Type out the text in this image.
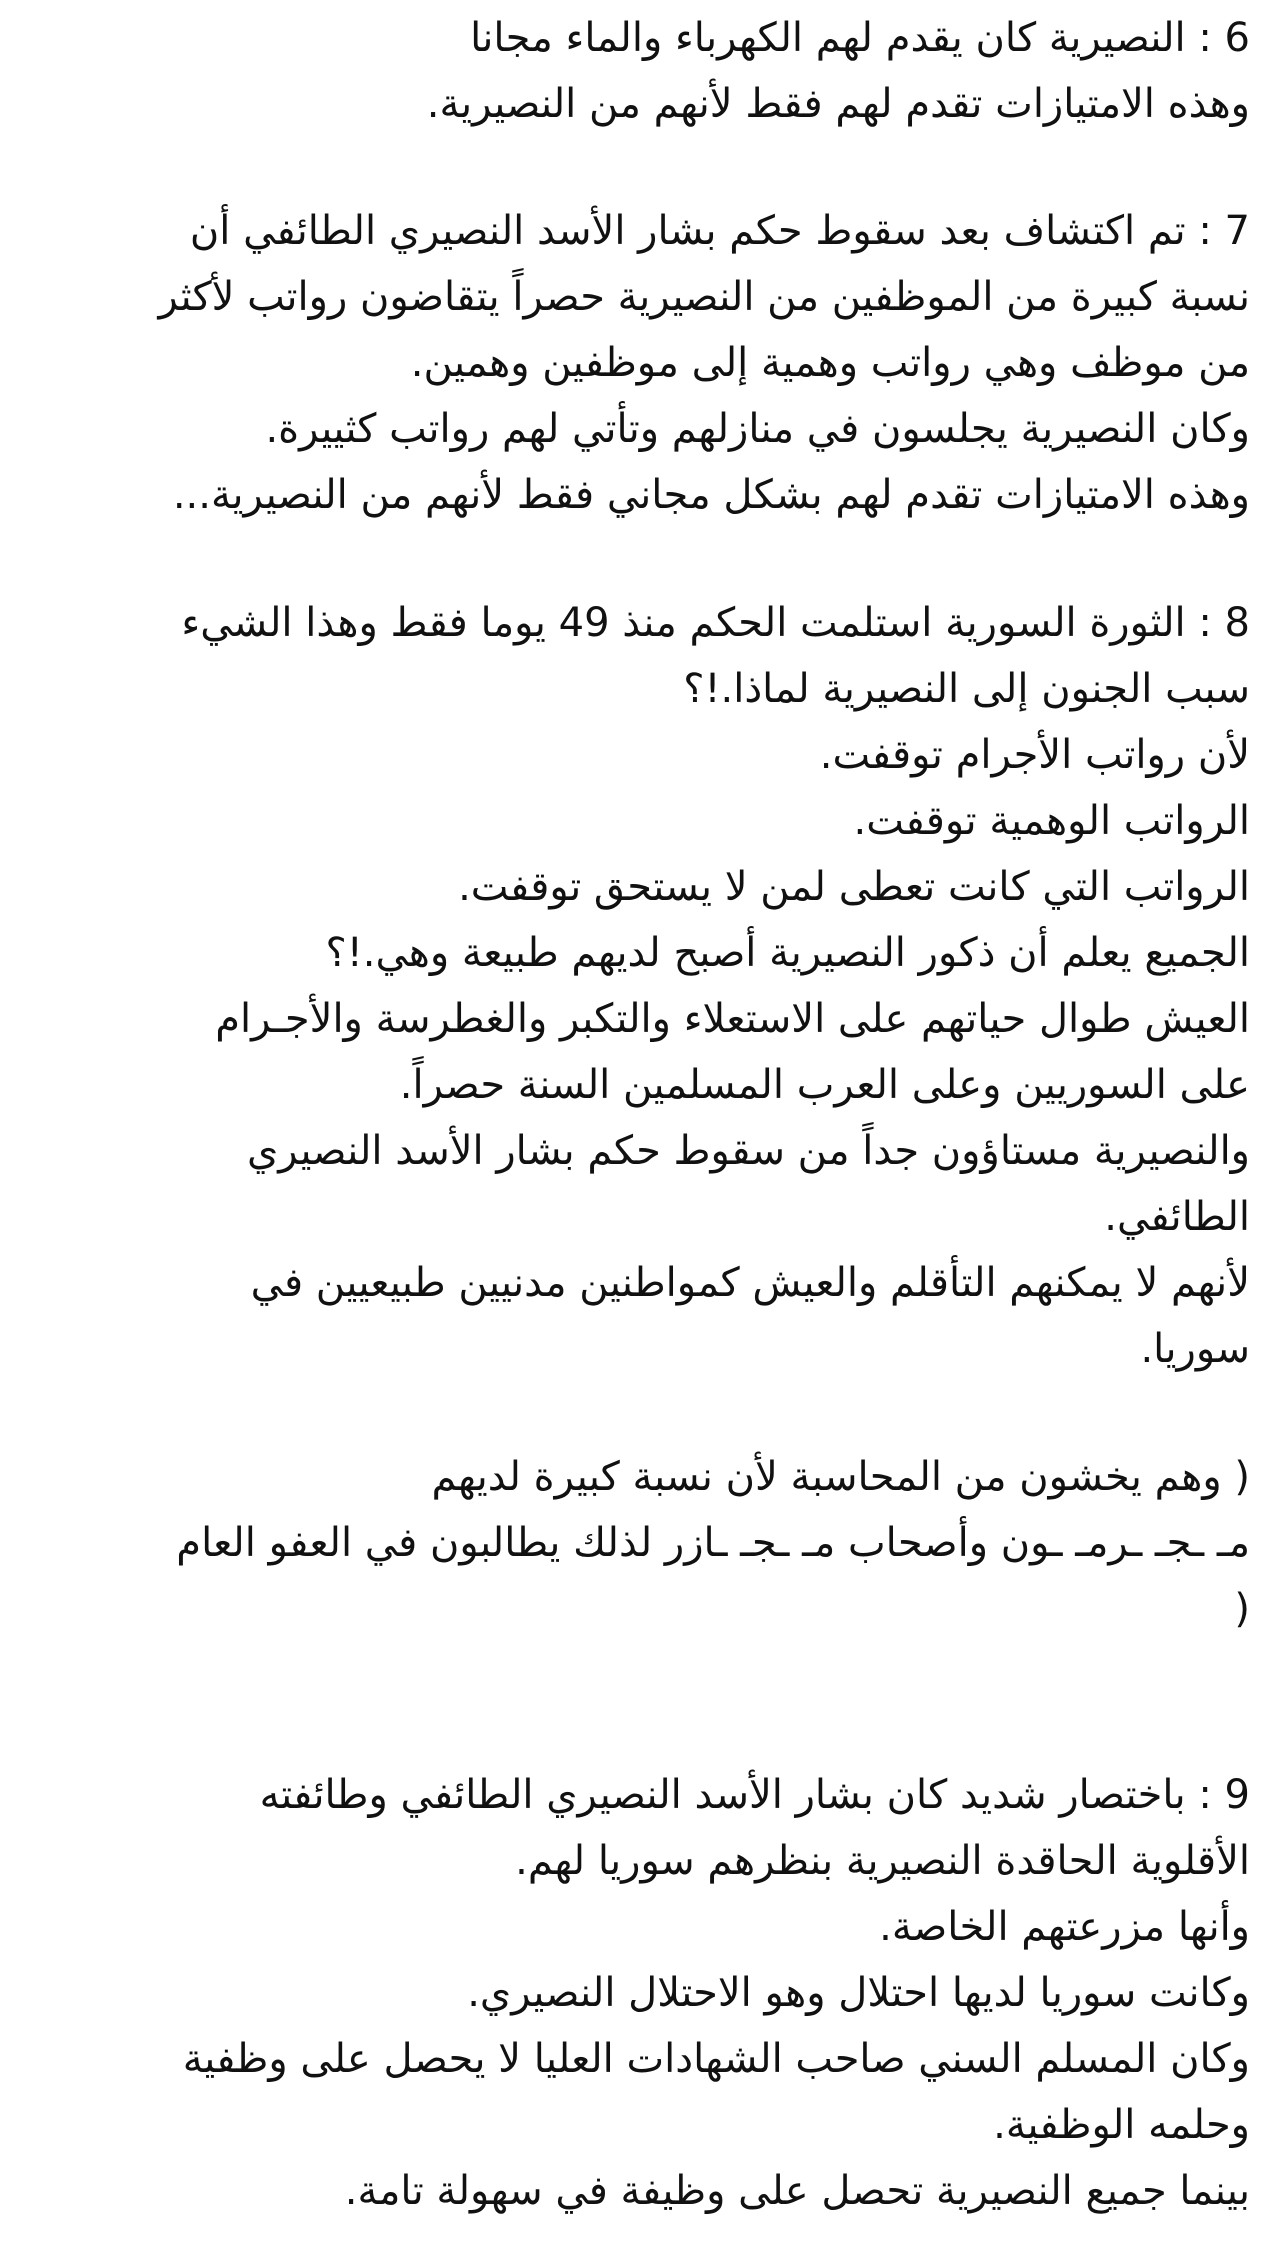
6 : النصيرية كان يقدم لهم الكهرباء والماء مجانا
وهذه الامتيازات تقدم لهم فقط لأنهم من النصيرية.
7 : تم اكتشاف بعد سقوط حكم بشار الأسد النصيري الطائفي أن
نسبة كبيرة من الموظفين من النصيرية حصراً يتقاضون رواتب لأكثر
من موظف وهي رواتب وهمية إلى موظفين وهمين.
وكان النصيرية يجلسون في منازلهم وتأتي لهم رواتب كثييرة.
وهذه الامتيازات تقدم لهم بشكل مجاني فقط لأنهم من النصيرية...
8 : الثورة السورية استلمت الحكم منذ 49 يوما فقط وهذا الشيء
سبب الجنون إلى النصيرية لماذا.!؟
لأن رواتب الأجرام توقفت.
الرواتب الوهمية توقفت.
الرواتب التي كانت تعطى لمن لا يستحق توقفت.
الجميع يعلم أن ذكور النصيرية أصبح لديهم طبيعة وهي.!؟
العيش طوال حياتهم على الاستعلاء والتكبر والغطرسة والأجـرام
على السوريين وعلى العرب المسلمين السنة حصراً.
والنصيرية مستاؤون جداً من سقوط حكم بشار الأسد النصيري
الطائفي.
لأنهم لا يمكنهم التأقلم والعيش كمواطنين مدنيين طبيعيين في
سوريا.
( وهم يخشون من المحاسبة لأن نسبة كبيرة لديهم
مـ ـجـ ـرمـ ـون وأصحاب مـ ـجـ ـازر لذلك يطالبون في العفو العام
)
9 : باختصار شديد كان بشار الأسد النصيري الطائفي وطائفته
الأقلوية الحاقدة النصيرية بنظرهم سوريا لهم.
وأنها مزرعتهم الخاصة.
وكانت سوريا لديها احتلال وهو الاحتلال النصيري.
وكان المسلم السني صاحب الشهادات العليا لا يحصل على وظفية
وحلمه الوظفية.
بينما جميع النصيرية تحصل على وظيفة في سهولة تامة.
